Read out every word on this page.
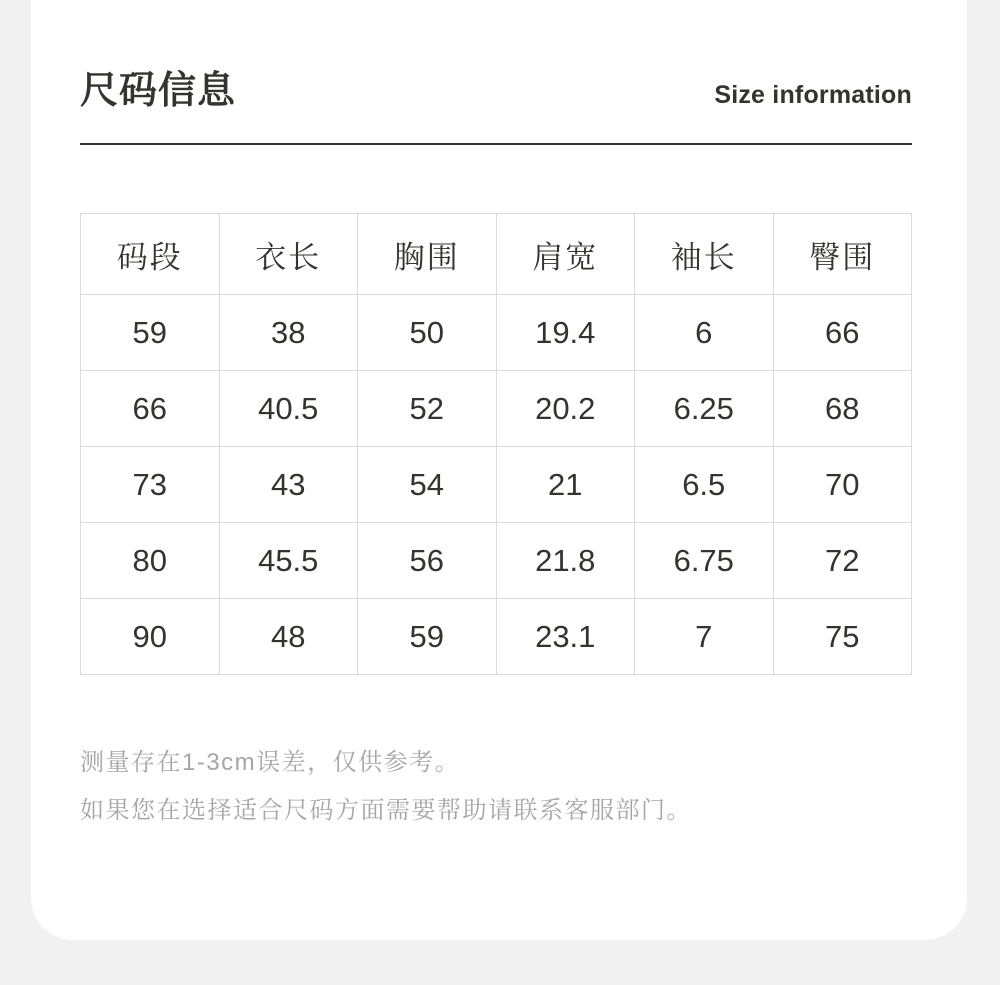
尺码信息	Size information
码段	衣长	胸围	肩宽	袖长	臀围
59	38	50	19.4	6	66
66	40.5	52	20.2	6.25	68
73	43	54	21	6.5	70
80	45.5	56	21.8	6.75	72
90	48	59	23.1	7	75

测量存在1-3cm误差，仅供参考。

如果您在选择适合尺码方面需要帮助请联系客服部门。
